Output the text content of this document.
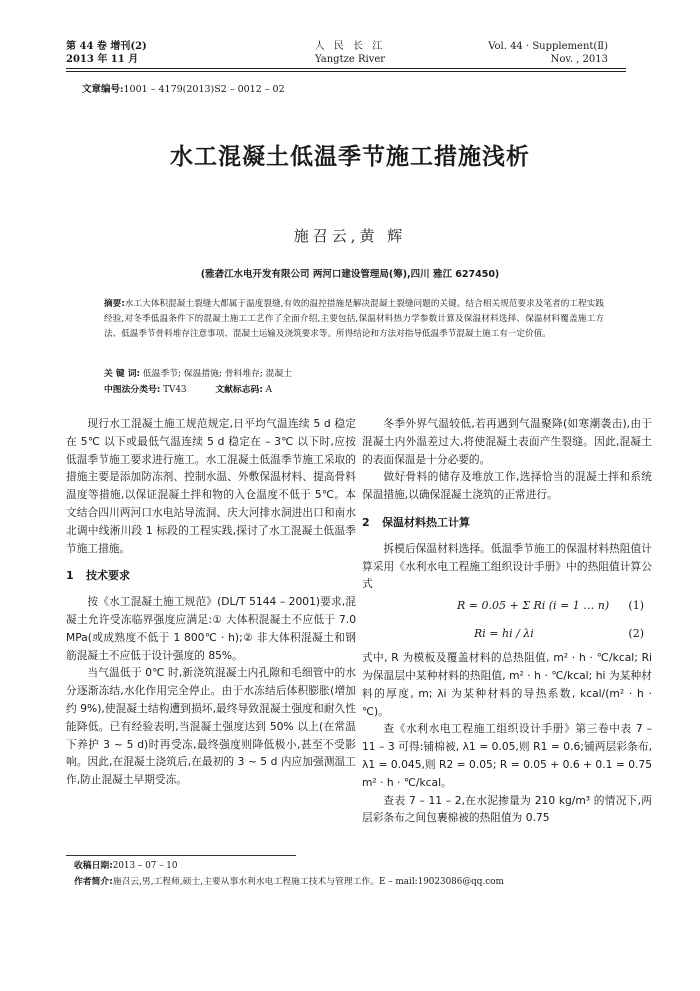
第 44 卷 增刊(2)
2013 年 11 月
人 民 长 江
Yangtze River
Vol. 44 · Supplement(Ⅱ)
Nov. , 2013
文章编号:1001 – 4179(2013)S2 – 0012 – 02
水工混凝土低温季节施工措施浅析
施召云,黄 辉
(雅砻江水电开发有限公司 两河口建设管理局(筹),四川 雅江 627450)
摘要:水工大体积混凝土裂缝大都属于温度裂缝,有效的温控措施是解决混凝土裂缝问题的关键。结合相关规范要求及笔者的工程实践经验,对冬季低温条件下的混凝土施工工艺作了全面介绍,主要包括,保温材料热力学参数计算及保温材料选择、保温材料覆盖施工方法、低温季节骨料堆存注意事项、混凝土运输及浇筑要求等。所得结论和方法对指导低温季节混凝土施工有一定价值。
关 键 词: 低温季节; 保温措施; 骨料堆存; 混凝土
中图法分类号: TV43	文献标志码: A

现行水工混凝土施工规范规定,日平均气温连续 5 d 稳定在 5℃ 以下或最低气温连续 5 d 稳定在 – 3℃ 以下时,应按低温季节施工要求进行施工。水工混凝土低温季节施工采取的措施主要是添加防冻剂、控制水温、外敷保温材料、提高骨料温度等措施,以保证混凝土拌和物的入仓温度不低于 5℃。本文结合四川两河口水电站导流洞、庆大河排水洞进出口和南水北调中线淅川段 1 标段的工程实践,探讨了水工混凝土低温季节施工措施。

1 技术要求

按《水工混凝土施工规范》(DL/T 5144 – 2001)要求,混凝土允许受冻临界强度应满足:① 大体积混凝土不应低于 7.0 MPa(或成熟度不低于 1 800℃ · h);② 非大体积混凝土和钢筋混凝土不应低于设计强度的 85%。

当气温低于 0℃ 时,新浇筑混凝土内孔隙和毛细管中的水分逐渐冻结,水化作用完全停止。由于水冻结后体积膨胀(增加约 9%),使混凝土结构遭到损坏,最终导致混凝土强度和耐久性能降低。已有经验表明,当混凝土强度达到 50% 以上(在常温下养护 3 ~ 5 d)时再受冻,最终强度则降低极小,甚至不受影响。因此,在混凝土浇筑后,在最初的 3 ~ 5 d 内应加强测温工作,防止混凝土早期受冻。

冬季外界气温较低,若再遇到气温聚降(如寒潮袭击),由于混凝土内外温差过大,将使混凝土表面产生裂缝。因此,混凝土的表面保温是十分必要的。

做好骨料的储存及堆放工作,选择恰当的混凝土拌和系统保温措施,以确保混凝土浇筑的正常进行。

2 保温材料热工计算

拆模后保温材料选择。低温季节施工的保温材料热阻值计算采用《水利水电工程施工组织设计手册》中的热阻值计算公式

R = 0.05 + Σ Ri (i = 1 … n) (1)
Ri = hi / λi	(2)

式中, R 为模板及覆盖材料的总热阻值, m² · h · ℃/kcal; Ri 为保温层中某种材料的热阻值, m² · h · ℃/kcal; hi 为某种材料的厚度, m; λi 为某种材料的导热系数, kcal/(m² · h · ℃)。

查《水利水电工程施工组织设计手册》第三卷中表 7 – 11 – 3 可得:铺棉被, λ1 = 0.05,则 R1 = 0.6;铺两层彩条布, λ1 = 0.045,则 R2 = 0.05; R = 0.05 + 0.6 + 0.1 = 0.75 m² · h · ℃/kcal。

查表 7 – 11 – 2,在水泥掺量为 210 kg/m³ 的情况下,两层彩条布之间包裹棉被的热阻值为 0.75

收稿日期:2013 – 07 – 10
作者简介:施召云,男,工程师,硕士,主要从事水利水电工程施工技术与管理工作。E – mail:19023086@qq.com
